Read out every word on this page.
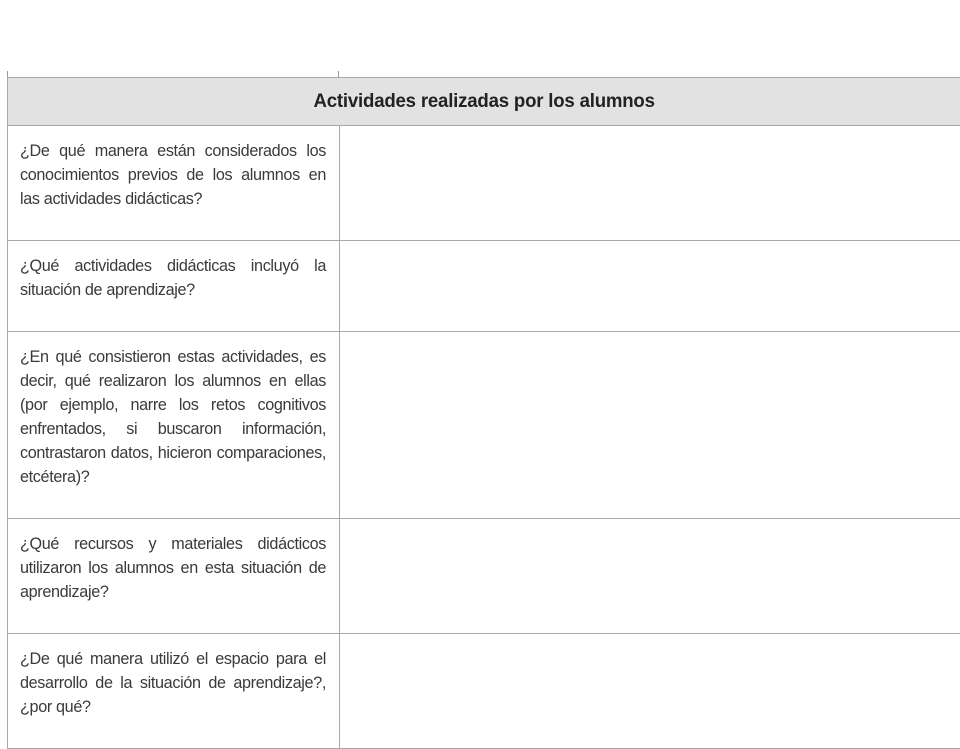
Actividades realizadas por los alumnos	

¿De qué manera están considerados los conocimientos previos de los alumnos en las actividades didácticas?	

¿Qué actividades didácticas incluyó la situación de aprendizaje?	

¿En qué consistieron estas actividades, es decir, qué realizaron los alumnos en ellas (por ejemplo, narre los retos cognitivos enfrentados, si buscaron información, contrastaron datos, hicieron comparaciones, etcétera)?	

¿Qué recursos y materiales didácticos utilizaron los alumnos en esta situación de aprendizaje?	

¿De qué manera utilizó el espacio para el desarrollo de la situación de aprendizaje?, ¿por qué?	
